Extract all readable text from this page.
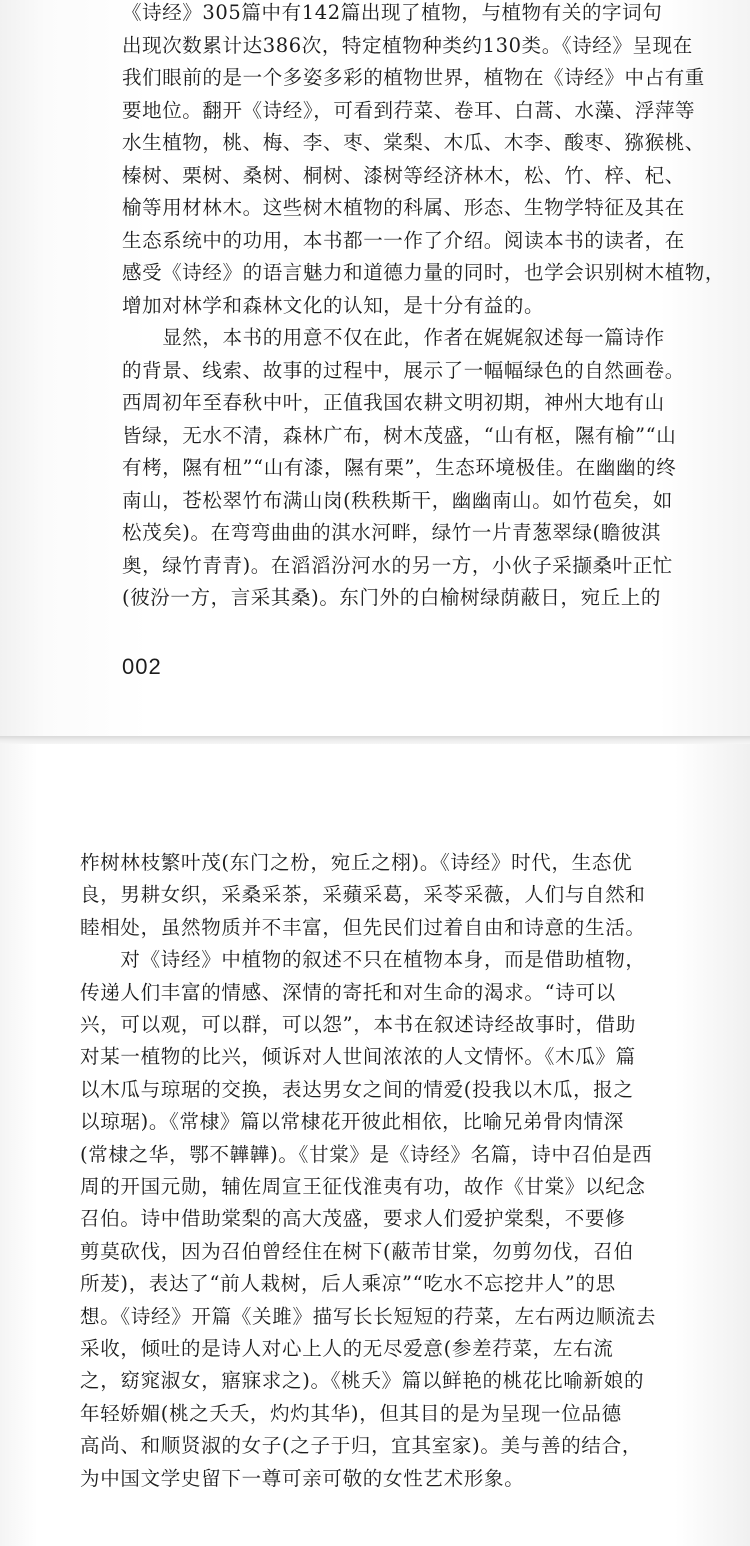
《诗经》305篇中有142篇出现了植物，与植物有关的字词句
出现次数累计达386次，特定植物种类约130类。《诗经》呈现在
我们眼前的是一个多姿多彩的植物世界，植物在《诗经》中占有重
要地位。翻开《诗经》，可看到荇菜、卷耳、白蒿、水藻、浮萍等
水生植物，桃、梅、李、枣、棠梨、木瓜、木李、酸枣、猕猴桃、
榛树、栗树、桑树、桐树、漆树等经济林木，松、竹、梓、杞、
榆等用材林木。这些树木植物的科属、形态、生物学特征及其在
生态系统中的功用，本书都一一作了介绍。阅读本书的读者，在
感受《诗经》的语言魅力和道德力量的同时，也学会识别树木植物，
增加对林学和森林文化的认知，是十分有益的。
　　显然，本书的用意不仅在此，作者在娓娓叙述每一篇诗作
的背景、线索、故事的过程中，展示了一幅幅绿色的自然画卷。
西周初年至春秋中叶，正值我国农耕文明初期，神州大地有山
皆绿，无水不清，森林广布，树木茂盛，“山有枢，隰有榆”“山
有栲，隰有杻”“山有漆，隰有栗”，生态环境极佳。在幽幽的终
南山，苍松翠竹布满山岗(秩秩斯干，幽幽南山。如竹苞矣，如
松茂矣)。在弯弯曲曲的淇水河畔，绿竹一片青葱翠绿(瞻彼淇
奥，绿竹青青)。在滔滔汾河水的另一方，小伙子采撷桑叶正忙
(彼汾一方，言采其桑)。东门外的白榆树绿荫蔽日，宛丘上的
002
柞树林枝繁叶茂(东门之枌，宛丘之栩)。《诗经》时代，生态优
良，男耕女织，采桑采茶，采蘋采葛，采苓采薇，人们与自然和
睦相处，虽然物质并不丰富，但先民们过着自由和诗意的生活。
　　对《诗经》中植物的叙述不只在植物本身，而是借助植物，
传递人们丰富的情感、深情的寄托和对生命的渴求。“诗可以
兴，可以观，可以群，可以怨”，本书在叙述诗经故事时，借助
对某一植物的比兴，倾诉对人世间浓浓的人文情怀。《木瓜》篇
以木瓜与琼琚的交换，表达男女之间的情爱(投我以木瓜，报之
以琼琚)。《常棣》篇以常棣花开彼此相依，比喻兄弟骨肉情深
(常棣之华，鄂不韡韡)。《甘棠》是《诗经》名篇，诗中召伯是西
周的开国元勋，辅佐周宣王征伐淮夷有功，故作《甘棠》以纪念
召伯。诗中借助棠梨的高大茂盛，要求人们爱护棠梨，不要修
剪莫砍伐，因为召伯曾经住在树下(蔽芾甘棠，勿剪勿伐，召伯
所茇)，表达了“前人栽树，后人乘凉”“吃水不忘挖井人”的思
想。《诗经》开篇《关雎》描写长长短短的荇菜，左右两边顺流去
采收，倾吐的是诗人对心上人的无尽爱意(参差荇菜，左右流
之，窈窕淑女，寤寐求之)。《桃夭》篇以鲜艳的桃花比喻新娘的
年轻娇媚(桃之夭夭，灼灼其华)，但其目的是为呈现一位品德
高尚、和顺贤淑的女子(之子于归，宜其室家)。美与善的结合，
为中国文学史留下一尊可亲可敬的女性艺术形象。
